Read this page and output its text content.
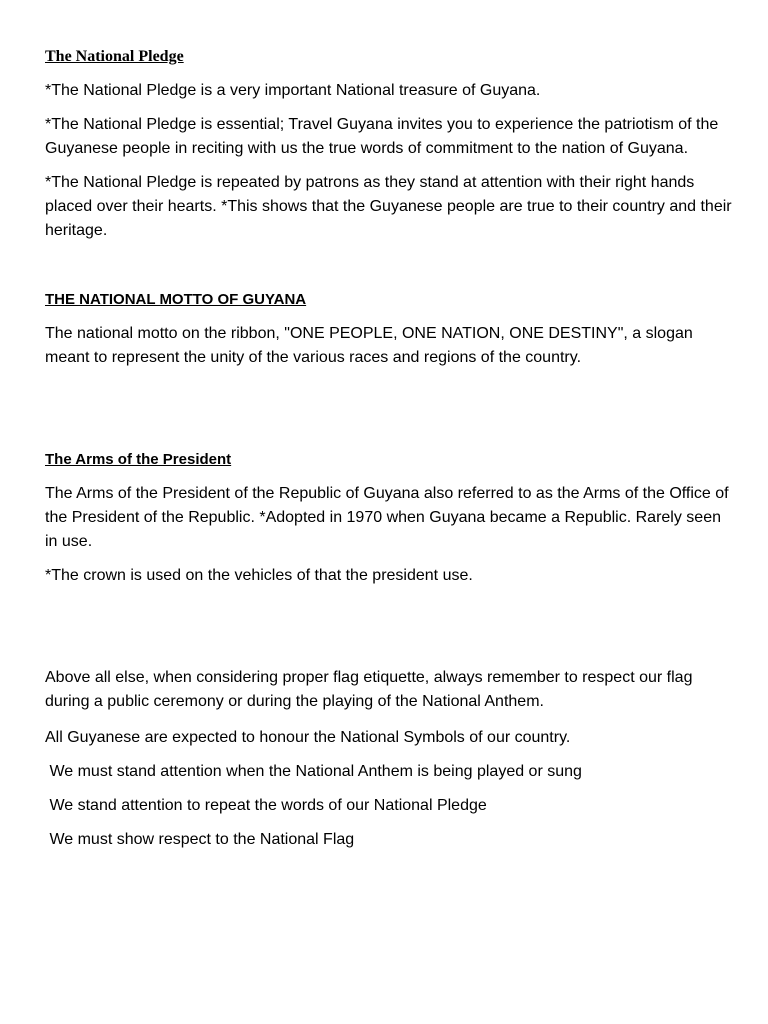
The National Pledge

*The National Pledge is a very important National treasure of Guyana.

*The National Pledge is essential; Travel Guyana invites you to experience the patriotism of the Guyanese people in reciting with us the true words of commitment to the nation of Guyana.

*The National Pledge is repeated by patrons as they stand at attention with their right hands placed over their hearts. *This shows that the Guyanese people are true to their country and their heritage.

THE NATIONAL MOTTO OF GUYANA

The national motto on the ribbon, "ONE PEOPLE, ONE NATION, ONE DESTINY", a slogan meant to represent the unity of the various races and regions of the country.

The Arms of the President

The Arms of the President of the Republic of Guyana also referred to as the Arms of the Office of the President of the Republic. *Adopted in 1970 when Guyana became a Republic. Rarely seen in use.

*The crown is used on the vehicles of that the president use.

Above all else, when considering proper flag etiquette, always remember to respect our flag during a public ceremony or during the playing of the National Anthem.

All Guyanese are expected to honour the National Symbols of our country.

We must stand attention when the National Anthem is being played or sung

We stand attention to repeat the words of our National Pledge

We must show respect to the National Flag
